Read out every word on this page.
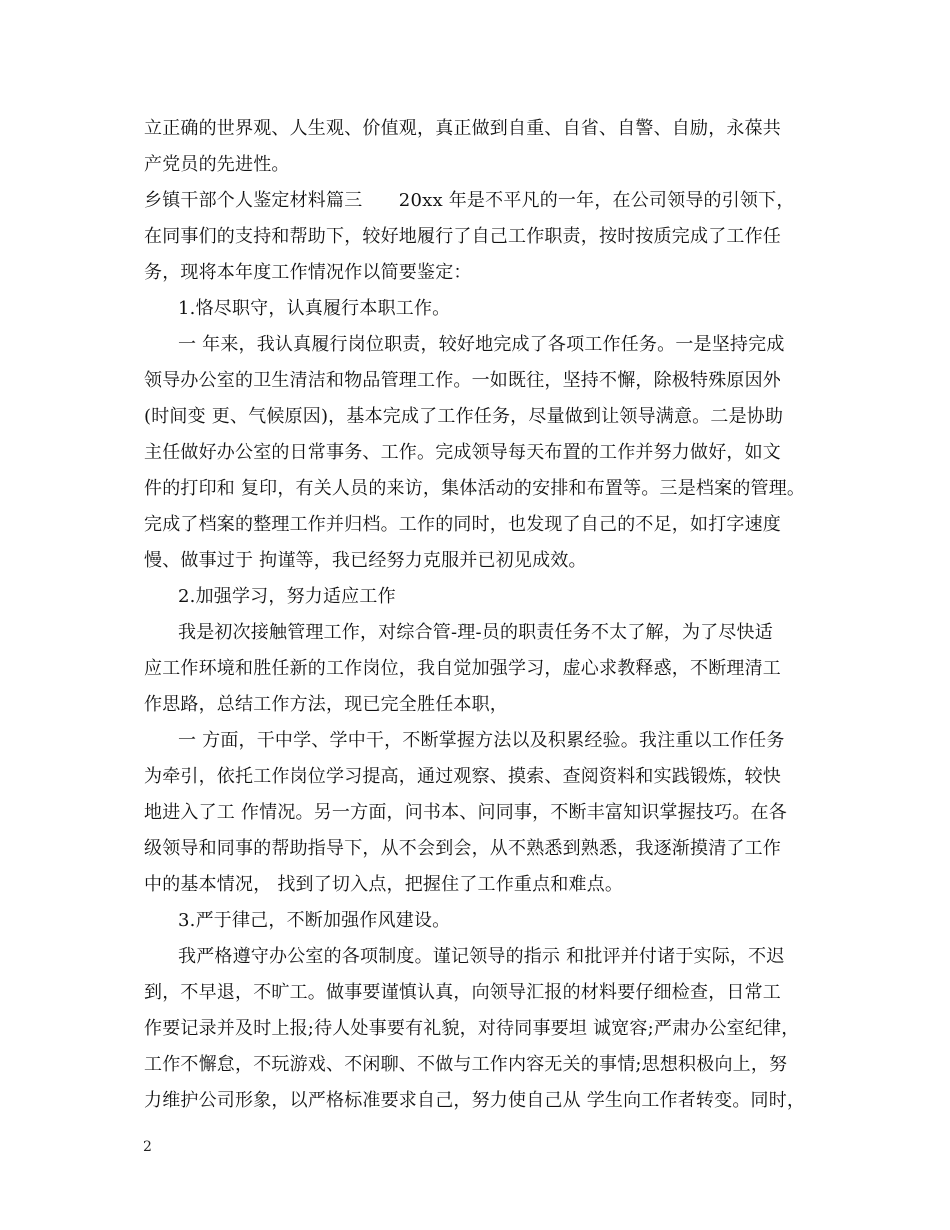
立正确的世界观、人生观、价值观，真正做到自重、自省、自警、自励，永葆共
产党员的先进性。
乡镇干部个人鉴定材料篇三　　20xx 年是不平凡的一年，在公司领导的引领下，
在同事们的支持和帮助下，较好地履行了自己工作职责，按时按质完成了工作任
务，现将本年度工作情况作以简要鉴定：
1.恪尽职守，认真履行本职工作。
一 年来，我认真履行岗位职责，较好地完成了各项工作任务。一是坚持完成
领导办公室的卫生清洁和物品管理工作。一如既往，坚持不懈，除极特殊原因外
(时间变 更、气候原因)，基本完成了工作任务，尽量做到让领导满意。二是协助
主任做好办公室的日常事务、工作。完成领导每天布置的工作并努力做好，如文
件的打印和 复印，有关人员的来访，集体活动的安排和布置等。三是档案的管理。
完成了档案的整理工作并归档。工作的同时，也发现了自己的不足，如打字速度
慢、做事过于 拘谨等，我已经努力克服并已初见成效。
2.加强学习，努力适应工作
我是初次接触管理工作，对综合管-理-员的职责任务不太了解，为了尽快适
应工作环境和胜任新的工作岗位，我自觉加强学习，虚心求教释惑，不断理清工
作思路，总结工作方法，现已完全胜任本职，
一 方面，干中学、学中干，不断掌握方法以及积累经验。我注重以工作任务
为牵引，依托工作岗位学习提高，通过观察、摸索、查阅资料和实践锻炼，较快
地进入了工 作情况。另一方面，问书本、问同事，不断丰富知识掌握技巧。在各
级领导和同事的帮助指导下，从不会到会，从不熟悉到熟悉，我逐渐摸清了工作
中的基本情况， 找到了切入点，把握住了工作重点和难点。
3.严于律己，不断加强作风建设。
我严格遵守办公室的各项制度。谨记领导的指示 和批评并付诸于实际，不迟
到，不早退，不旷工。做事要谨慎认真，向领导汇报的材料要仔细检查，日常工
作要记录并及时上报;待人处事要有礼貌，对待同事要坦 诚宽容;严肃办公室纪律，
工作不懈怠，不玩游戏、不闲聊、不做与工作内容无关的事情;思想积极向上，努
力维护公司形象，以严格标准要求自己，努力使自己从 学生向工作者转变。同时，
2
